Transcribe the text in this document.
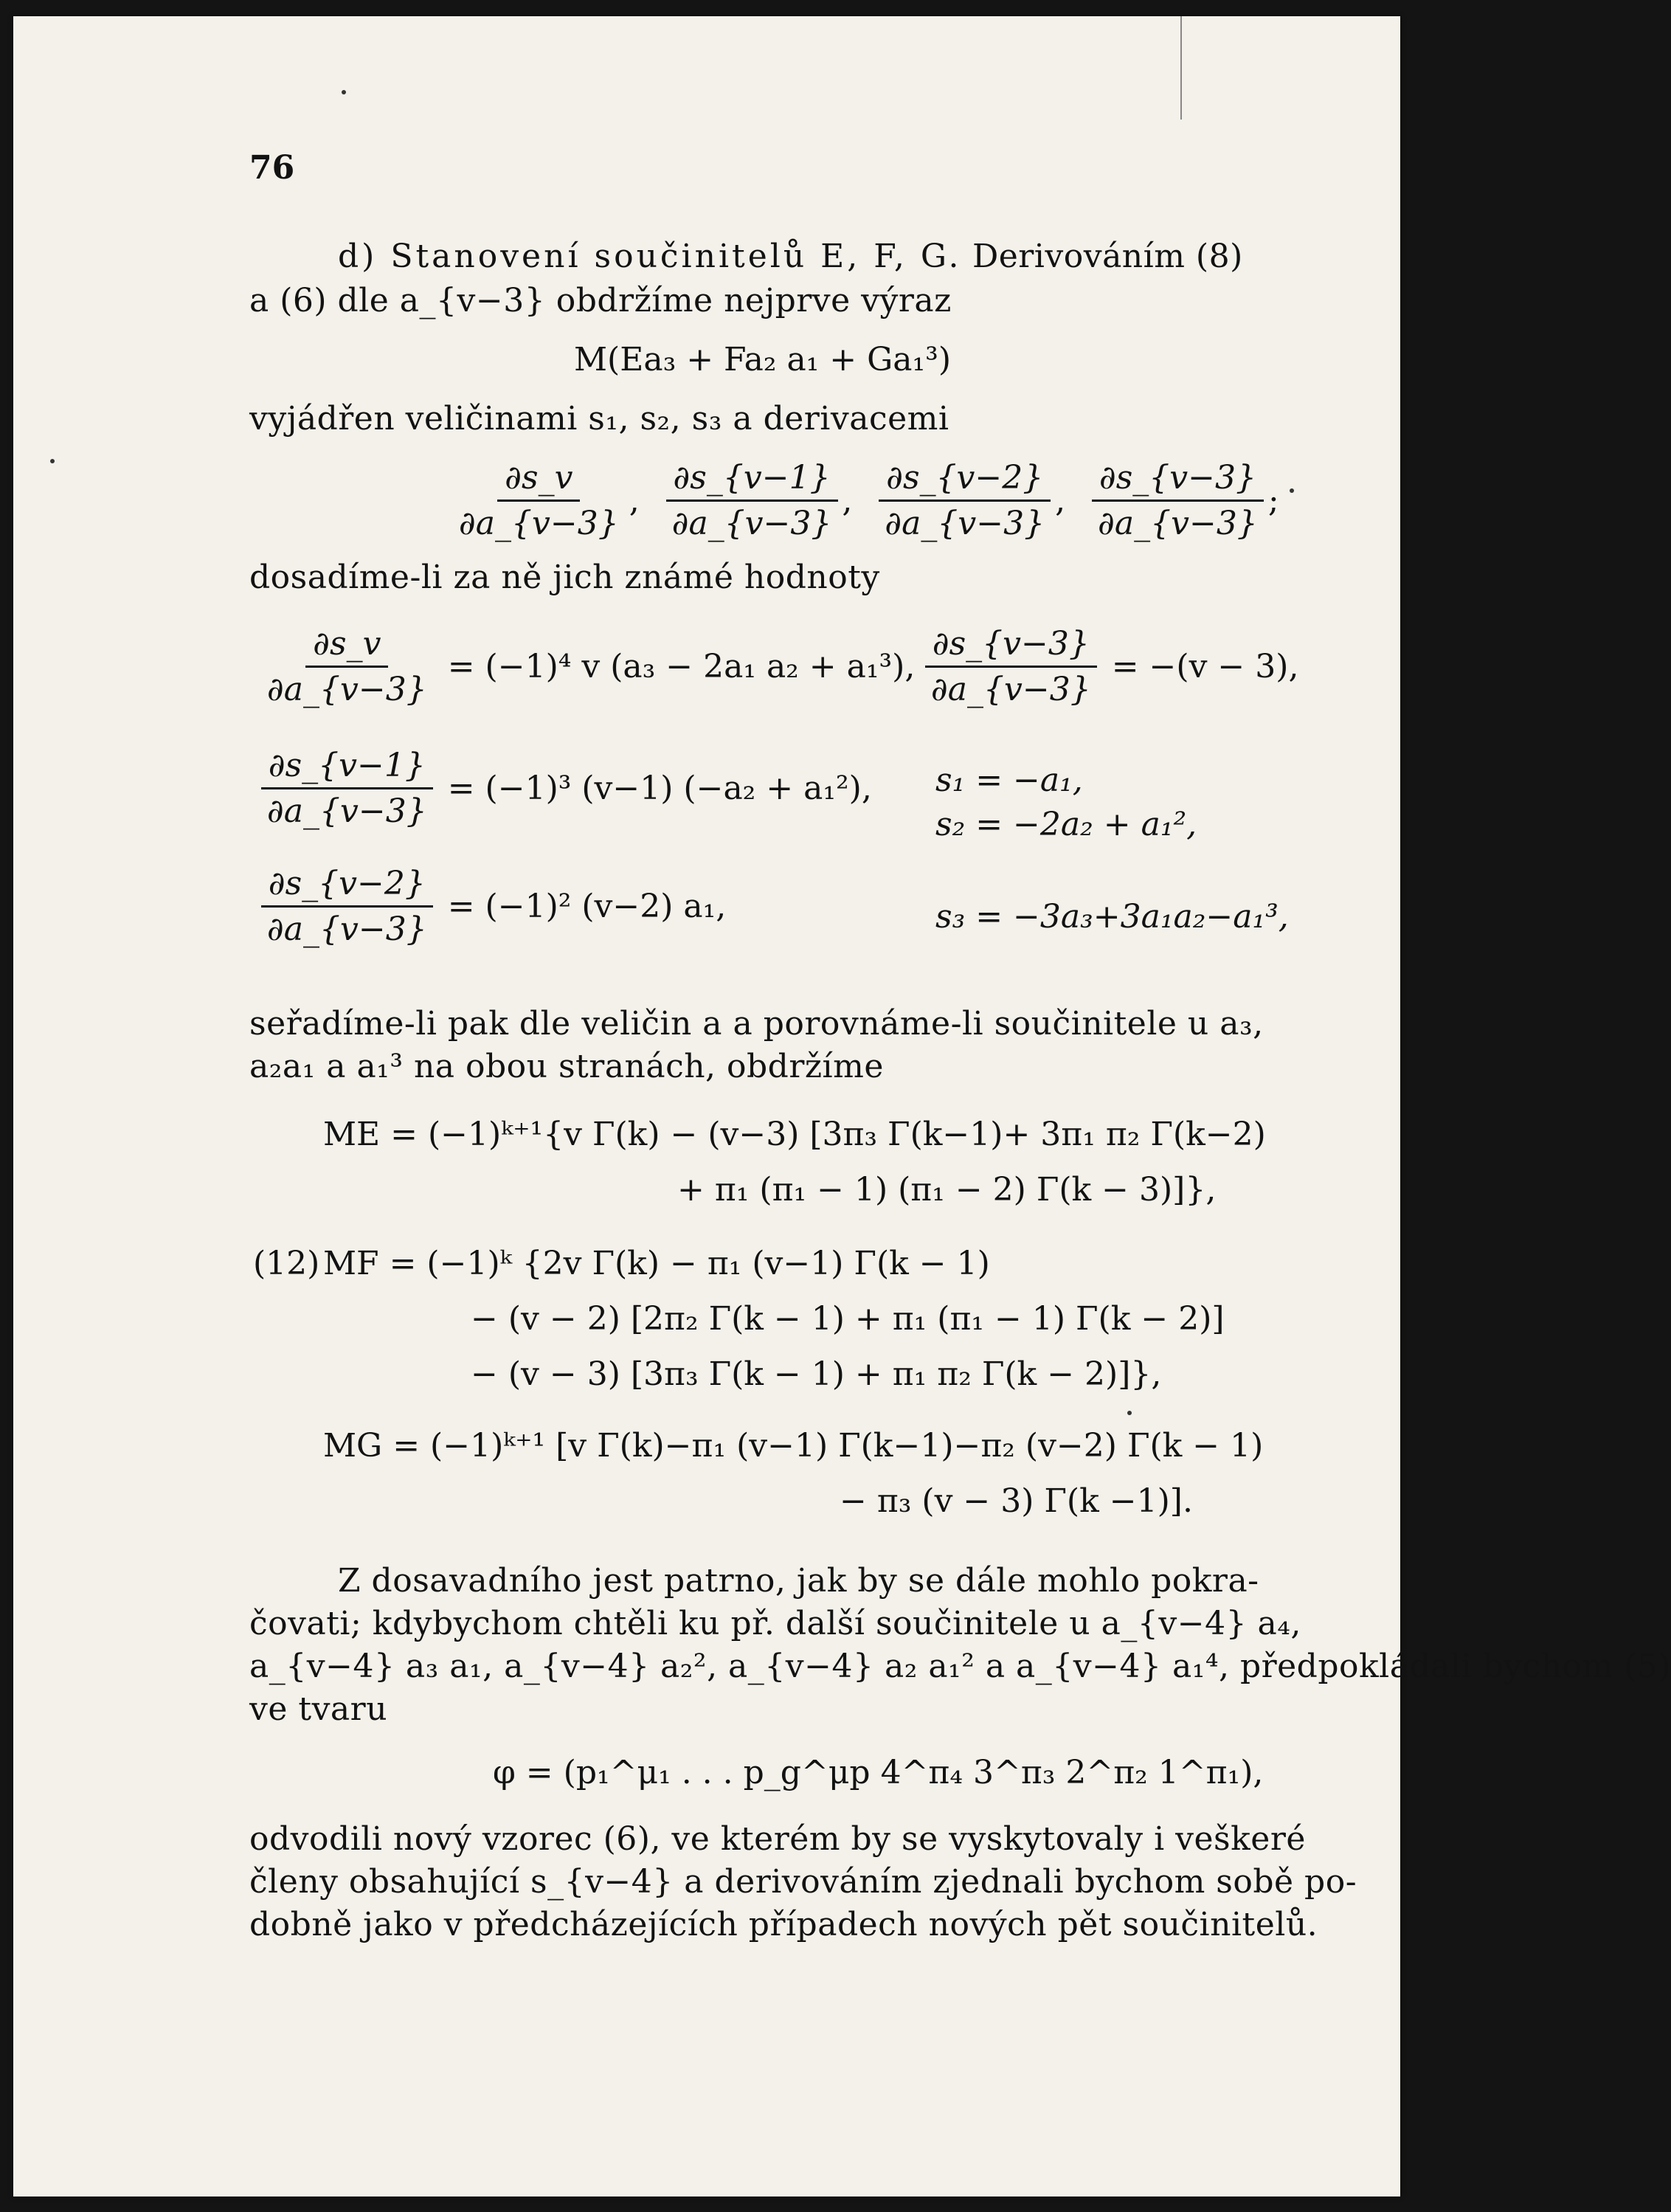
76
d) Stanovení součinitelů E, F, G. Derivováním (8)
a (6) dle a_{v−3} obdržíme nejprve výraz
M(Ea₃ + Fa₂ a₁ + Ga₁³)
vyjádřen veličinami s₁, s₂, s₃ a derivacemi
$\frac{\partial s\_v}{\partial a\_\{v-3\}}$ , $\frac{\partial s\_\{v-1\}}{\partial a\_\{v-3\}}$ , $\frac{\partial s\_\{v-2\}}{\partial a\_\{v-3\}}$ , $\frac{\partial s\_\{v-3\}}{\partial a\_\{v-3\}}$ ;
dosadíme-li za ně jich známé hodnoty
$\frac{\partial s\_v}{\partial a\_\{v-3\}} = (-1)^4$ v (a₃ − 2a₁ a₂ + a₁³),
$\frac{\partial s\_\{v-1\}}{\partial a\_\{v-3\}} = (-1)^3$ (v−1) (−a₂ + a₁²),
$\frac{\partial s\_\{v-2\}}{\partial a\_\{v-3\}} = (-1)^2$ (v−2) a₁,
$\frac{\partial s\_\{v-3\}}{\partial a\_\{v-3\}} = -(v - 3)$,
s₁ = −a₁,
s₂ = −2a₂ + a₁²,
s₃ = −3a₃+3a₁a₂−a₁³,
seřadíme-li pak dle veličin a a porovnáme-li součinitele u a₃,
a₂a₁ a a₁³ na obou stranách, obdržíme
ME = (−1)ᵏ⁺¹{v Γ(k) − (v−3) [3π₃ Γ(k−1)+ 3π₁ π₂ Γ(k−2)
+ π₁ (π₁ − 1) (π₁ − 2) Γ(k − 3)]},
(12) MF = (−1)ᵏ {2v Γ(k) − π₁ (v−1) Γ(k − 1)
− (v − 2) [2π₂ Γ(k − 1) + π₁ (π₁ − 1) Γ(k − 2)]
− (v − 3) [3π₃ Γ(k − 1) + π₁ π₂ Γ(k − 2)]},
MG = (−1)ᵏ⁺¹ [v Γ(k)−π₁ (v−1) Γ(k−1)−π₂ (v−2) Γ(k − 1)
− π₃ (v − 3) Γ(k −1)].
Z dosavadního jest patrno, jak by se dále mohlo pokra-
čovati; kdybychom chtěli ku př. další součinitele u a_{v−4} a₄,
a_{v−4} a₃ a₁, a_{v−4} a₂², a_{v−4} a₂ a₁² a a_{v−4} a₁⁴, předpokládali bychom (5)
ve tvaru
φ = (p₁^μ₁ . . . p_g^μp 4^π₄ 3^π₃ 2^π₂ 1^π₁),
odvodili nový vzorec (6), ve kterém by se vyskytovaly i veškeré
členy obsahující s_{v−4} a derivováním zjednali bychom sobě po-
dobně jako v předcházejících případech nových pět součinitelů.
